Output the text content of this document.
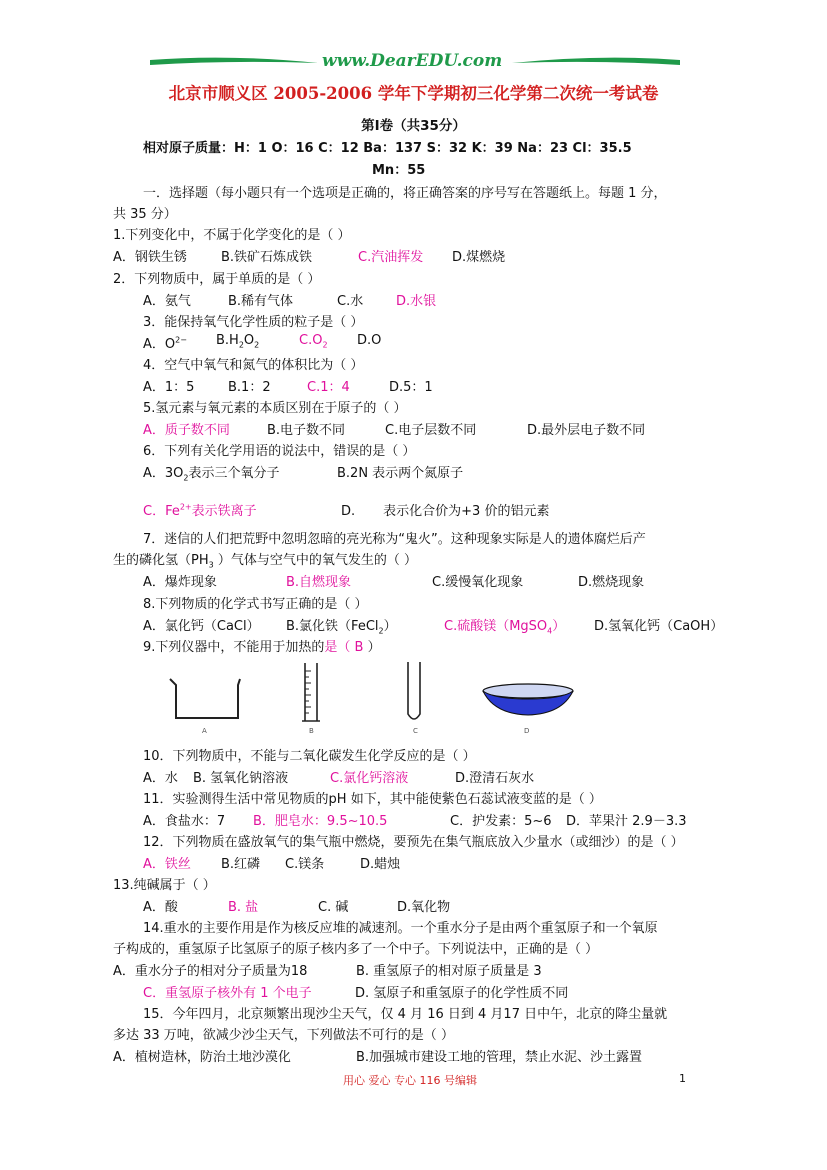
www.DearEDU.com
北京市顺义区 2005-2006 学年下学期初三化学第二次统一考试卷
第Ⅰ卷（共35分）
相对原子质量：H：1 O：16 C：12 Ba：137 S：32 K：39 Na：23 Cl：35.5
Mn：55
一．选择题（每小题只有一个选项是正确的，将正确答案的序号写在答题纸上。每题 1 分，
共 35 分）
1.下列变化中，不属于化学变化的是（ ）
A．钢铁生锈	B.铁矿石炼成铁	C.汽油挥发 D.煤燃烧
2．下列物质中，属于单质的是（ ）
A．氨气	B.稀有气体	C.水	D.水银
3．能保持氧气化学性质的粒子是（ ）
A．$O^{2-}$ $B.H_2O_2$	$C.O_2$ D.O
4．空气中氧气和氮气的体积比为（ ）
A．1：5	B.1：2	C.1：4	D.5：1
5.氢元素与氧元素的本质区别在于原子的（ ）
A．质子数不同	B.电子数不同	C.电子层数不同	D.最外层电子数不同
6．下列有关化学用语的说法中，错误的是（ ）
A．$3O_2$表示三个氧分子	B.2N 表示两个氮原子
C．$Fe^{2+}$表示铁离子	D. 表示化合价为+3 价的铝元素
7．迷信的人们把荒野中忽明忽暗的亮光称为“鬼火”。这种现象实际是人的遗体腐烂后产
生的磷化氢（$PH_3$ ）气体与空气中的氧气发生的（ ）
A．爆炸现象	B.自燃现象	C.缓慢氧化现象	D.燃烧现象
8.下列物质的化学式书写正确的是（ ）
A．氯化钙（CaCl） B.氯化铁（FeCl$_2$）	C.硫酸镁（MgSO$_4$） D.氢氧化钙（CaOH）
9.下列仪器中，不能用于加热的是（ B ）
A	B	C	D
10．下列物质中，不能与二氧化碳发生化学反应的是（ ）
A．水 B. 氢氧化钠溶液	C.氯化钙溶液	D.澄清石灰水
11．实验测得生活中常见物质的pH 如下，其中能使紫色石蕊试液变蓝的是（ ）
A．食盐水：7 B．肥皂水：9.5~10.5	C．护发素：5~6 D．苹果汁 2.9－3.3
12．下列物质在盛放氧气的集气瓶中燃烧，要预先在集气瓶底放入少量水（或细沙）的是（ ）
A．铁丝 B.红磷 C.镁条	D.蜡烛
13.纯碱属于（ ）
A．酸	B. 盐	C. 碱	D.氧化物
14.重水的主要作用是作为核反应堆的减速剂。一个重水分子是由两个重氢原子和一个氧原
子构成的，重氢原子比氢原子的原子核内多了一个中子。下列说法中，正确的是（ ）
A．重水分子的相对分子质量为18	B. 重氢原子的相对原子质量是 3
C．重氢原子核外有 1 个电子	D. 氢原子和重氢原子的化学性质不同
15．今年四月，北京频繁出现沙尘天气，仅 4 月 16 日到 4 月17 日中午，北京的降尘量就
多达 33 万吨，欲减少沙尘天气，下列做法不可行的是（ ）
A．植树造林，防治土地沙漠化	B.加强城市建设工地的管理，禁止水泥、沙土露置
用心 爱心 专心 116 号编辑	1
